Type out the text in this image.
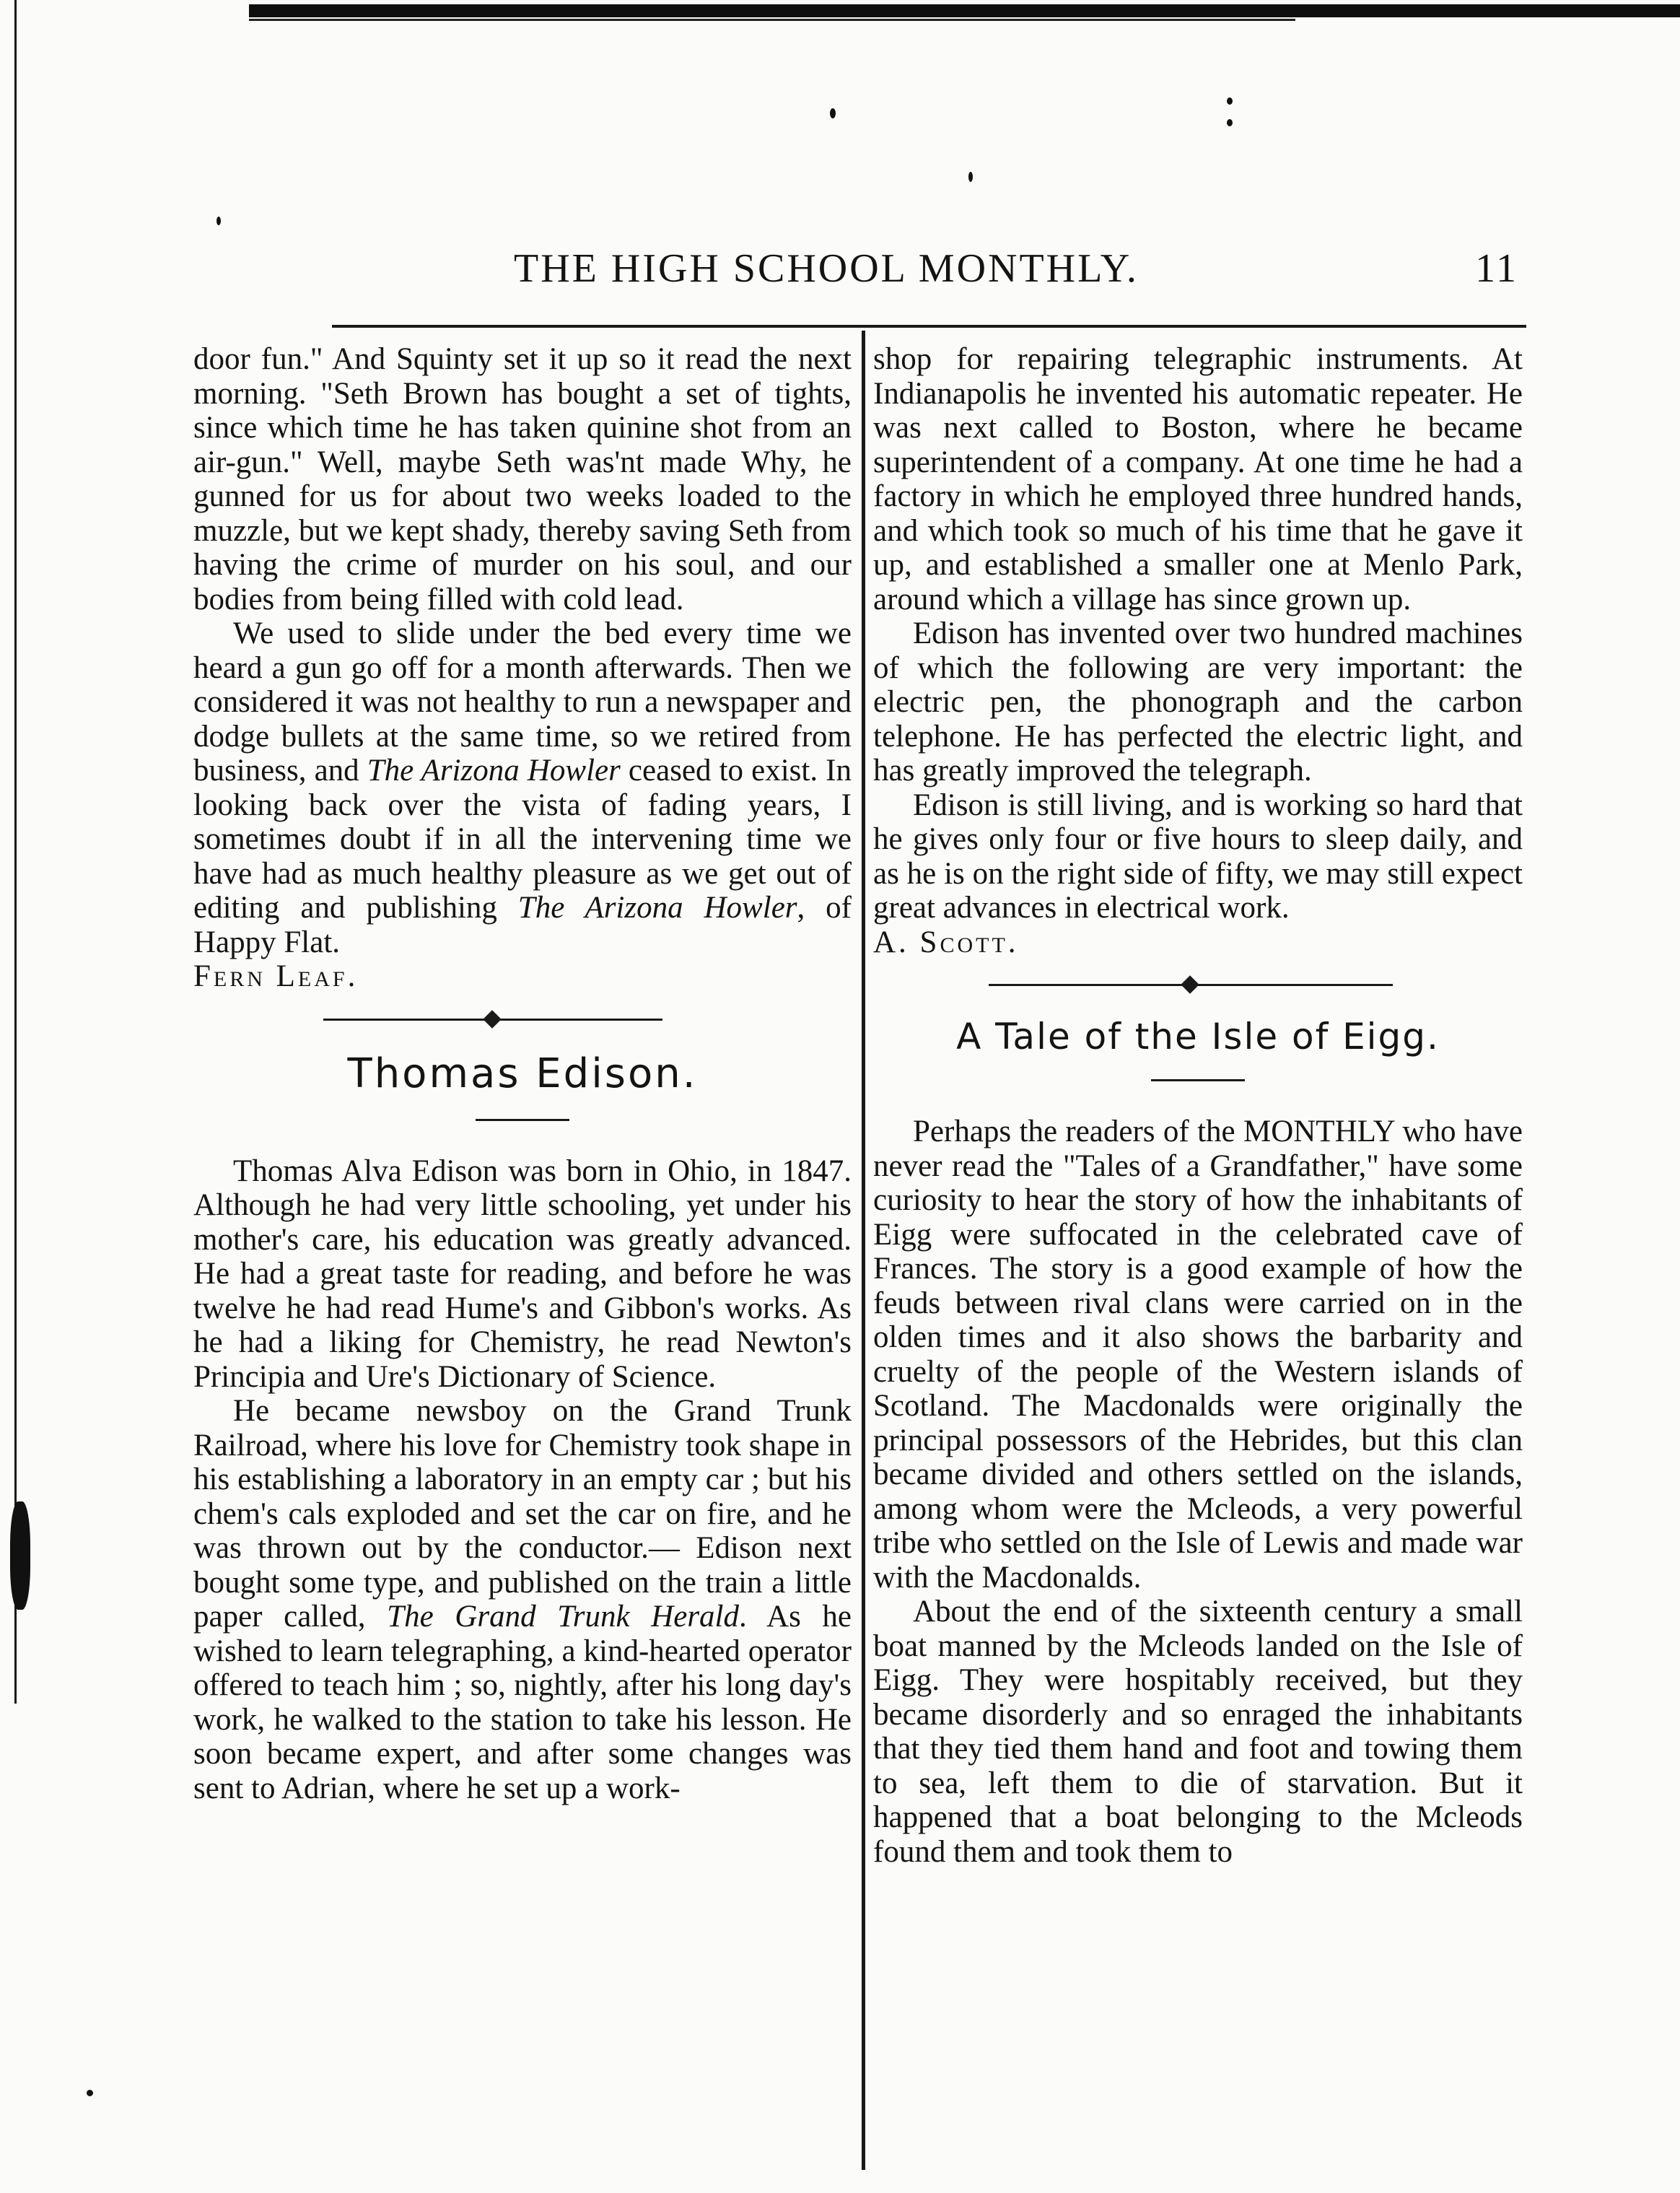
THE HIGH SCHOOL MONTHLY.	11

door fun." And Squinty set it up so it read the next morning. "Seth Brown has bought a set of tights, since which time he has taken quinine shot from an air-gun." Well, maybe Seth was'nt made Why, he gunned for us for about two weeks loaded to the muzzle, but we kept shady, thereby saving Seth from having the crime of murder on his soul, and our bodies from being filled with cold lead.

We used to slide under the bed every time we heard a gun go off for a month afterwards. Then we considered it was not healthy to run a newspaper and dodge bullets at the same time, so we retired from business, and The Arizona Howler ceased to exist. In looking back over the vista of fading years, I sometimes doubt if in all the intervening time we have had as much healthy pleasure as we get out of editing and publishing The Arizona Howler, of Happy Flat.

Fern Leaf.

Thomas Edison.

Thomas Alva Edison was born in Ohio, in 1847. Although he had very little schooling, yet under his mother's care, his education was greatly advanced. He had a great taste for reading, and before he was twelve he had read Hume's and Gibbon's works. As he had a liking for Chemistry, he read Newton's Principia and Ure's Dictionary of Science.

He became newsboy on the Grand Trunk Railroad, where his love for Chemistry took shape in his establishing a laboratory in an empty car ; but his chem's cals exploded and set the car on fire, and he was thrown out by the conductor.— Edison next bought some type, and published on the train a little paper called, The Grand Trunk Herald. As he wished to learn telegraphing, a kind-hearted operator offered to teach him ; so, nightly, after his long day's work, he walked to the station to take his lesson. He soon became expert, and after some changes was sent to Adrian, where he set up a work-

shop for repairing telegraphic instruments. At Indianapolis he invented his automatic repeater. He was next called to Boston, where he became superintendent of a company. At one time he had a factory in which he employed three hundred hands, and which took so much of his time that he gave it up, and established a smaller one at Menlo Park, around which a village has since grown up.

Edison has invented over two hundred machines of which the following are very important: the electric pen, the phonograph and the carbon telephone. He has perfected the electric light, and has greatly improved the telegraph.

Edison is still living, and is working so hard that he gives only four or five hours to sleep daily, and as he is on the right side of fifty, we may still expect great advances in electrical work.

A. Scott.

A Tale of the Isle of Eigg.

Perhaps the readers of the MONTHLY who have never read the "Tales of a Grandfather," have some curiosity to hear the story of how the inhabitants of Eigg were suffocated in the celebrated cave of Frances. The story is a good example of how the feuds between rival clans were carried on in the olden times and it also shows the barbarity and cruelty of the people of the Western islands of Scotland. The Macdonalds were originally the principal possessors of the Hebrides, but this clan became divided and others settled on the islands, among whom were the Mcleods, a very powerful tribe who settled on the Isle of Lewis and made war with the Macdonalds.

About the end of the sixteenth century a small boat manned by the Mcleods landed on the Isle of Eigg. They were hospitably received, but they became disorderly and so enraged the inhabitants that they tied them hand and foot and towing them to sea, left them to die of starvation. But it happened that a boat belonging to the Mcleods found them and took them to
